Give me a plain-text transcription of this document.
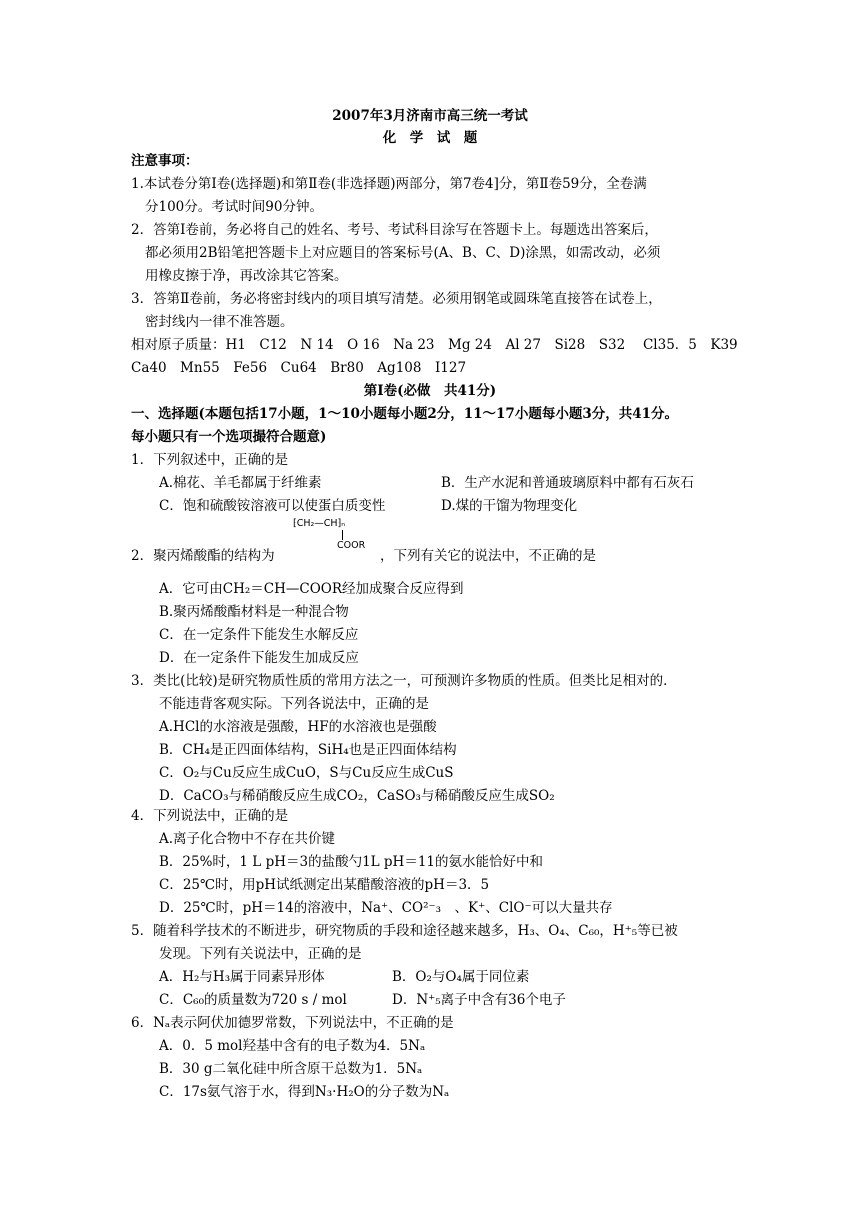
2007年3月济南市高三统一考试
化　学　试　题
注意事项：
1.本试卷分第Ⅰ卷(选择题)和第Ⅱ卷(非选择题)两部分，第7卷4]分，第Ⅱ卷59分，全卷满
分100分。考试时间90分钟。
2．答第Ⅰ卷前，务必将自己的姓名、考号、考试科目涂写在答题卡上。每题选出答案后，
都必须用2B铅笔把答题卡上对应题目的答案标号(A、B、C、D)涂黑，如需改动，必须
用橡皮擦于净，再改涂其它答案。
3．答第Ⅱ卷前，务必将密封线内的项目填写清楚。必须用钢笔或圆珠笔直接答在试卷上，
密封线内一律不准答题。
相对原子质量：H1　C12　N 14　O 16　Na 23　Mg 24　Al 27　Si28　S32　 Cl35．5　K39
Ca40　Mn55　Fe56　Cu64　Br80　Ag108　I127
第Ⅰ卷(必做　共41分)
一、选择题(本题包括17小题，1～10小题每小题2分，11～17小题每小题3分，共41分。
每小题只有一个选项撮符合题意)
1．下列叙述中，正确的是
A.棉花、羊毛都属于纤维素	B．生产水泥和普通玻璃原料中都有石灰石
C．饱和硫酸铵溶液可以使蛋白质变性	D.煤的干馏为物理变化
⁅CH₂—CH⁆ₙ
COOR
2．聚丙烯酸酯的结构为	，下列有关它的说法中，不正确的是
A．它可由CH₂＝CH—COOR经加成聚合反应得到
B.聚丙烯酸酯材料是一种混合物
C．在一定条件下能发生水解反应
D．在一定条件下能发生加成反应
3．类比(比较)是研究物质性质的常用方法之一，可预测许多物质的性质。但类比足相对的．
不能违背客观实际。下列各说法中，正确的是
A.HCl的水溶液是强酸，HF的水溶液也是强酸
B．CH₄是正四面体结构，SiH₄也是正四面体结构
C．O₂与Cu反应生成CuO，S与Cu反应生成CuS
D．CaCO₃与稀硝酸反应生成CO₂，CaSO₃与稀硝酸反应生成SO₂
4．下列说法中，正确的是
A.离子化合物中不存在共价键
B．25%时，1 L pH＝3的盐酸勺1L pH＝11的氨水能恰好中和
C．25℃时，用pH试纸测定出某醋酸溶液的pH＝3．5
D．25℃时，pH＝14的溶液中，Na⁺、CO²⁻₃　、K⁺、ClO⁻可以大量共存
5．随着科学技术的不断进步，研究物质的手段和途径越来越多，H₃、O₄、C₆₀，H⁺₅等已被
发现。下列有关说法中，正确的是
A．H₂与H₃属于同素异形体	B．O₂与O₄属于同位素
C．C₆₀的质量数为720 s / mol	D．N⁺₅离子中含有36个电子
6．Nₐ表示阿伏加德罗常数，下列说法中，不正确的是
A．0．5 mol羟基中含有的电子数为4．5Nₐ
B．30 g二氧化硅中所含原干总数为1．5Nₐ
C．17s氨气溶于水，得到N₃·H₂O的分子数为Nₐ
